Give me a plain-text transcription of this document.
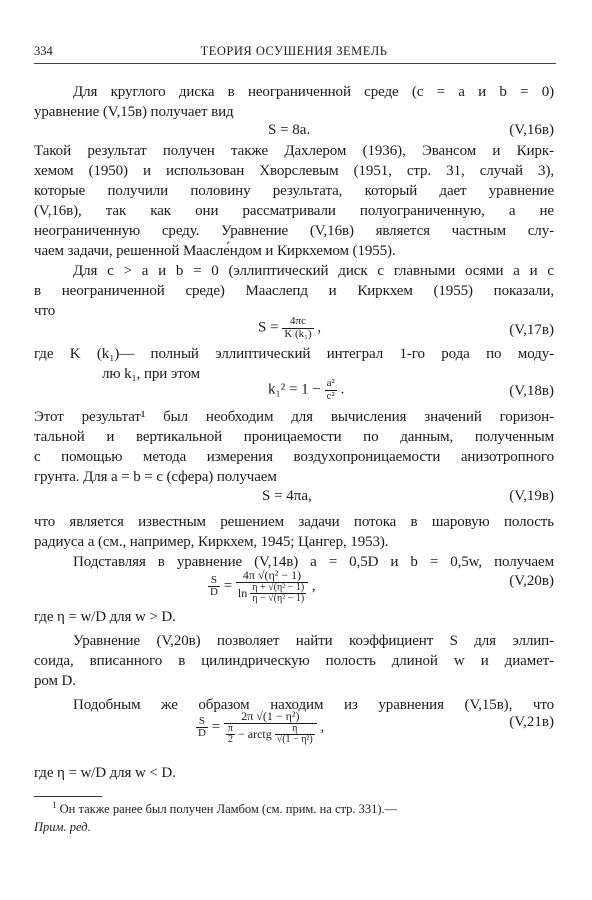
334	ТЕОРИЯ ОСУШЕНИЯ ЗЕМЕЛЬ
Для круглого диска в неограниченной среде (c = a и b = 0)
уравнение (V,15в) получает вид
S = 8a.	(V,16в)
Такой результат получен также Дахлером (1936), Эвансом и Кирк-
хемом (1950) и использован Хворслевым (1951, стр. 31, случай 3),
которые получили половину результата, который дает уравнение
(V,16в), так как они рассматривали полуограниченную, а не
неограниченную среду. Уравнение (V,16в) является частным слу-
чаем задачи, решенной Маасле́ндом и Киркхемом (1955).
Для c > a и b = 0 (эллиптический диск с главными осями a и c
в неограниченной среде) Мааслепд и Киркхем (1955) показали,
что
$S = \frac{4\pi c}{\text{K (k₁)}}$ ,	(V,17в)
где K (k₁)— полный эллиптический интеграл 1-го рода по моду-
лю k₁, при этом
$k_1^2 = 1 - \frac{\text{a²}}{\text{c²}}$ .	(V,18в)
Этот результат¹ был необходим для вычисления значений горизон-
тальной и вертикальной проницаемости по данным, полученным
с помощью метода измерения воздухопроницаемости анизотропного
грунта. Для a = b = c (сфера) получаем
S = 4πa,	(V,19в)
что является известным решением задачи потока в шаровую полость
радиуса a (см., например, Киркхем, 1945; Цангер, 1953).
Подставляя в уравнение (V,14в) a = 0,5D и b = 0,5w, получаем
$\frac{S}{D} = \frac{\text{4π √(η² − 1)}}{\ln \frac{\text{η + √(η² − 1)}}{\text{η − √(η² − 1)}}}$ ,	(V,20в)
где η = w/D для w > D.
Уравнение (V,20в) позволяет найти коэффициент S для эллип-
соида, вписанного в цилиндрическую полость длиной w и диамет-
ром D.
Подобным же образом находим из уравнения (V,15в), что
$\frac{S}{D}$ =
2π √(1 − η²)
$\frac{\pi}{2}$ − arctg $\frac{\eta}{\text{√(1 − η²)}}$ ,	(V,21в)
где η = w/D для w < D.
$^1$ Он также ранее был получен Ламбом (см. прим. на стр. 331).—
Прим. ред.
